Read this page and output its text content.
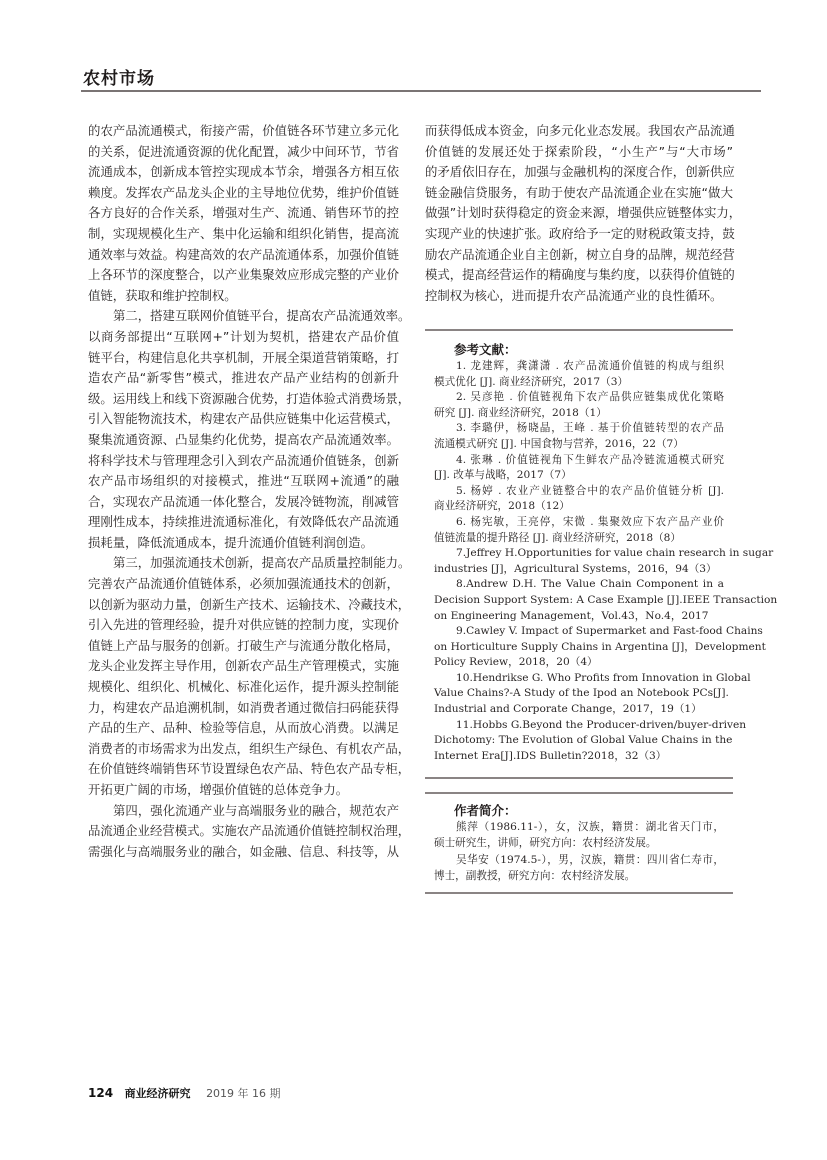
农村市场
的农产品流通模式，衔接产需，价值链各环节建立多元化
的关系，促进流通资源的优化配置，减少中间环节，节省
流通成本，创新成本管控实现成本节余，增强各方相互依
赖度。发挥农产品龙头企业的主导地位优势，维护价值链
各方良好的合作关系，增强对生产、流通、销售环节的控
制，实现规模化生产、集中化运输和组织化销售，提高流
通效率与效益。构建高效的农产品流通体系，加强价值链
上各环节的深度整合，以产业集聚效应形成完整的产业价
值链，获取和维护控制权。
第二，搭建互联网价值链平台，提高农产品流通效率。
以商务部提出“互联网+”计划为契机，搭建农产品价值
链平台，构建信息化共享机制，开展全渠道营销策略，打
造农产品“新零售”模式，推进农产品产业结构的创新升
级。运用线上和线下资源融合优势，打造体验式消费场景，
引入智能物流技术，构建农产品供应链集中化运营模式，
聚集流通资源、凸显集约化优势，提高农产品流通效率。
将科学技术与管理理念引入到农产品流通价值链条，创新
农产品市场组织的对接模式，推进“互联网+流通”的融
合，实现农产品流通一体化整合，发展冷链物流，削减管
理刚性成本，持续推进流通标准化，有效降低农产品流通
损耗量，降低流通成本，提升流通价值链利润创造。
第三，加强流通技术创新，提高农产品质量控制能力。
完善农产品流通价值链体系，必须加强流通技术的创新，
以创新为驱动力量，创新生产技术、运输技术、冷藏技术，
引入先进的管理经验，提升对供应链的控制力度，实现价
值链上产品与服务的创新。打破生产与流通分散化格局，
龙头企业发挥主导作用，创新农产品生产管理模式，实施
规模化、组织化、机械化、标准化运作，提升源头控制能
力，构建农产品追溯机制，如消费者通过微信扫码能获得
产品的生产、品种、检验等信息，从而放心消费。以满足
消费者的市场需求为出发点，组织生产绿色、有机农产品，
在价值链终端销售环节设置绿色农产品、特色农产品专柜，
开拓更广阔的市场，增强价值链的总体竞争力。
第四，强化流通产业与高端服务业的融合，规范农产
品流通企业经营模式。实施农产品流通价值链控制权治理，
需强化与高端服务业的融合，如金融、信息、科技等，从
而获得低成本资金，向多元化业态发展。我国农产品流通
价值链的发展还处于探索阶段，“小生产”与“大市场”
的矛盾依旧存在，加强与金融机构的深度合作，创新供应
链金融信贷服务，有助于使农产品流通企业在实施“做大
做强”计划时获得稳定的资金来源，增强供应链整体实力，
实现产业的快速扩张。政府给予一定的财税政策支持，鼓
励农产品流通企业自主创新，树立自身的品牌，规范经营
模式，提高经营运作的精确度与集约度，以获得价值链的
控制权为核心，进而提升农产品流通产业的良性循环。
参考文献：
1. 龙建辉，龚潇潇 . 农产品流通价值链的构成与组织
模式优化 [J]. 商业经济研究，2017（3）
2. 吴彦艳 . 价值链视角下农产品供应链集成优化策略
研究 [J]. 商业经济研究，2018（1）
3. 李璐伊，杨晓晶，王峰 . 基于价值链转型的农产品
流通模式研究 [J]. 中国食物与营养，2016，22（7）
4. 张琳 . 价值链视角下生鲜农产品冷链流通模式研究
[J]. 改革与战略，2017（7）
5. 杨婷 . 农业产业链整合中的农产品价值链分析 [J].
商业经济研究，2018（12）
6. 杨宪敏，王亮停，宋微 . 集聚效应下农产品产业价
值链流量的提升路径 [J]. 商业经济研究，2018（8）
7.Jeffrey H.Opportunities for value chain research in sugar
industries [J]，Agricultural Systems，2016，94（3）
8.Andrew D.H. The Value Chain Component in a
Decision Support System: A Case Example [J].IEEE Transaction
on Engineering Management，Vol.43，No.4，2017
9.Cawley V. Impact of Supermarket and Fast-food Chains
on Horticulture Supply Chains in Argentina [J]，Development
Policy Review，2018，20（4）
10.Hendrikse G. Who Profits from Innovation in Global
Value Chains?-A Study of the Ipod an Notebook PCs[J].
Industrial and Corporate Change，2017，19（1）
11.Hobbs G.Beyond the Producer-driven/buyer-driven
Dichotomy: The Evolution of Global Value Chains in the
Internet Era[J].IDS Bulletin?2018，32（3）
作者简介：
熊萍（1986.11-），女，汉族，籍贯：湖北省天门市，
硕士研究生，讲师，研究方向：农村经济发展。
吴华安（1974.5-），男，汉族，籍贯：四川省仁寿市，
博士，副教授，研究方向：农村经济发展。
124 商业经济研究 2019 年 16 期
